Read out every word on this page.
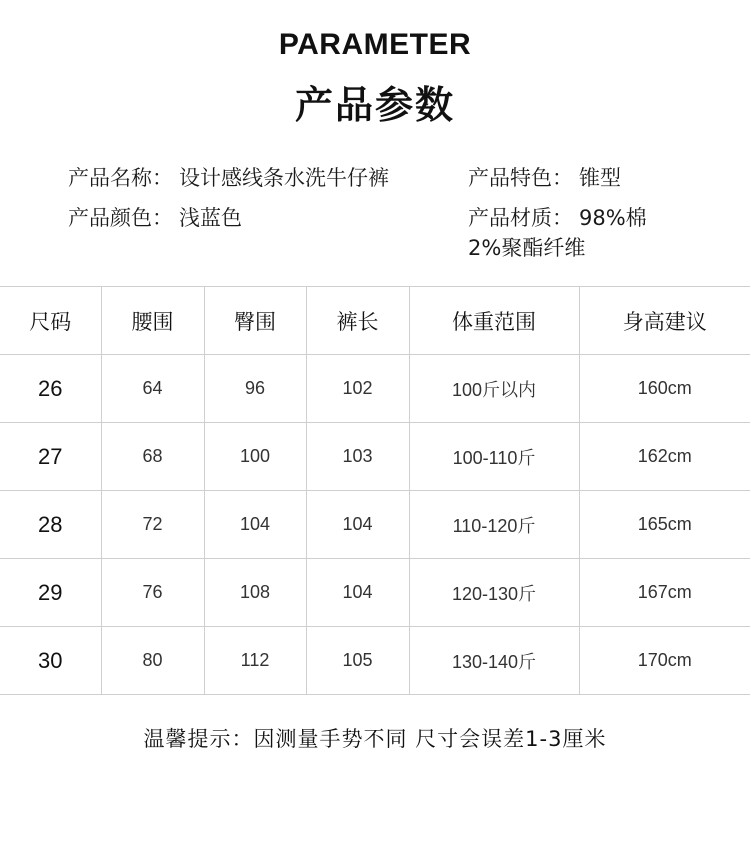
PARAMETER
产品参数
产品名称： 设计感线条水洗牛仔裤	产品特色： 锥型
产品颜色： 浅蓝色	产品材质： 98%棉
2%聚酯纤维
尺码	腰围	臀围	裤长	体重范围	身高建议
26	64	96	102	100斤以内	160cm
27	68	100	103	100-110斤	162cm
28	72	104	104	110-120斤	165cm
29	76	108	104	120-130斤	167cm
30	80	112	105	130-140斤	170cm
温馨提示：因测量手势不同 尺寸会误差1-3厘米
